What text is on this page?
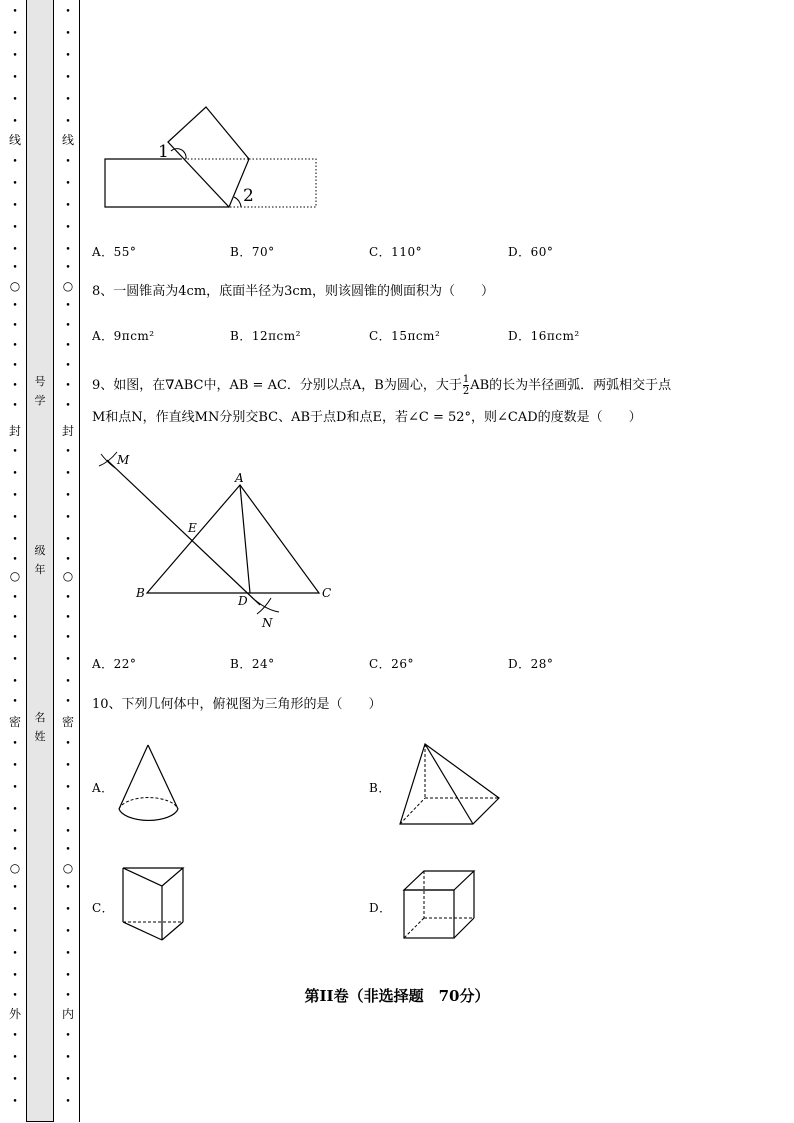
•
•
•
•
•
•
线
•
•
•
•
•
•
○
•
•
•
•
•
•
封
•
•
•
•
•
•
○
•
•
•
•
•
•
密
•
•
•
•
•
•
○
•
•
•
•
•
•
外
•
•
•
•
号
学
级
年
名
姓
•
•
•
•
•
•
线
•
•
•
•
•
•
○
•
•
•
•
•
•
封
•
•
•
•
•
•
○
•
•
•
•
•
•
密
•
•
•
•
•
•
○
•
•
•
•
•
•
内
•
•
•
•
1
2
A．55°	B．70°	C．110°	D．60°
8、一圆锥高为4cm，底面半径为3cm，则该圆锥的侧面积为（　　）
A．9πcm²	B．12πcm²	C．15πcm²	D．16πcm²
9、如图，在∇ABC中，AB = AC．分别以点A，B为圆心，大于 $\frac{1}{2}$ AB的长为半径画弧．两弧相交于点
M和点N，作直线MN分别交BC、AB于点D和点E，若∠C = 52°，则∠CAD的度数是（　　）
M
A
E
B
D
C
N
A．22°	B．24°	C．26°	D．28°
10、下列几何体中，俯视图为三角形的是（　　）
A．	B．
C．	D．
第II卷（非选择题　70分）
